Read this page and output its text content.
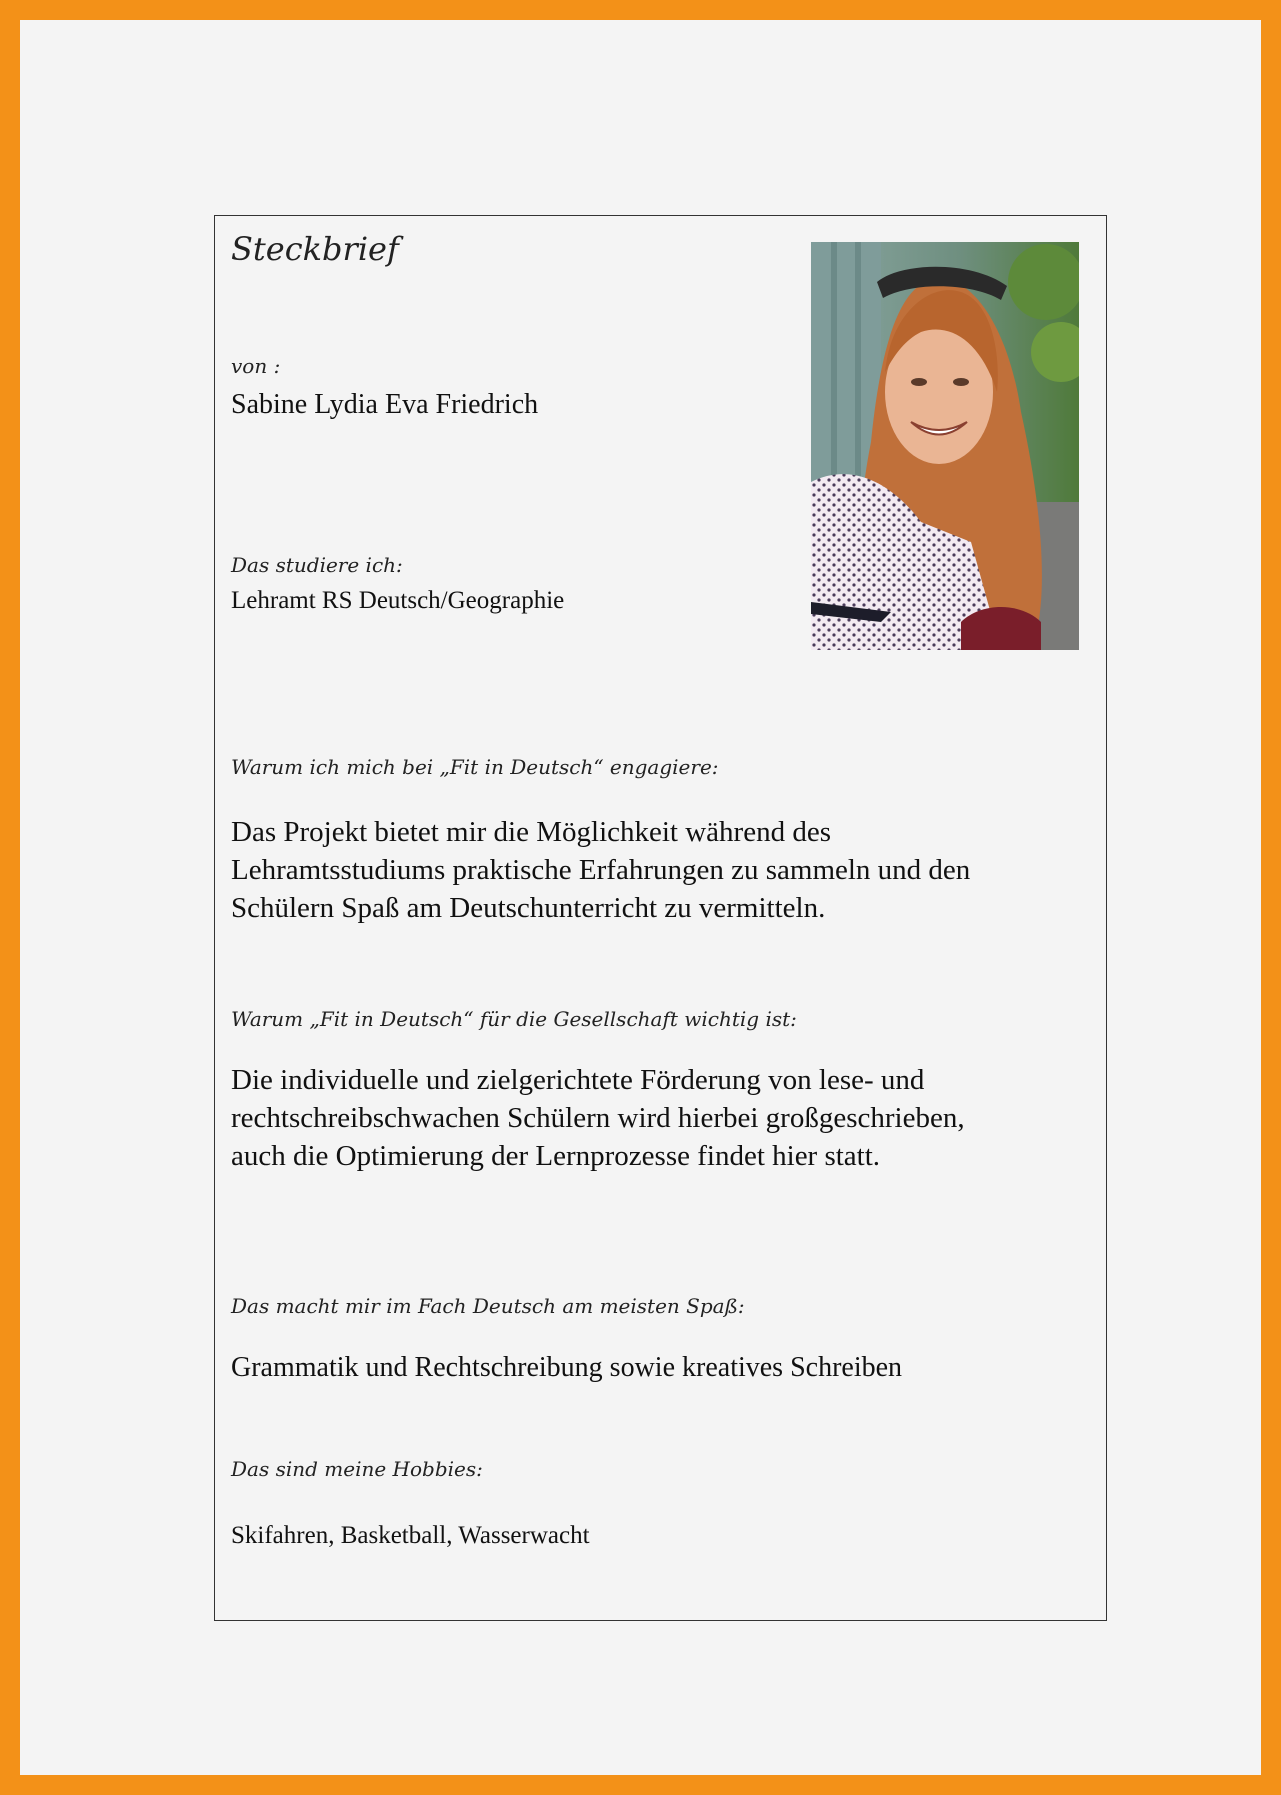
Steckbrief
von :
Sabine Lydia Eva Friedrich
Das studiere ich:
Lehramt RS Deutsch/Geographie
Warum ich mich bei „Fit in Deutsch“ engagiere:
Das Projekt bietet mir die Möglichkeit während des
Lehramtsstudiums praktische Erfahrungen zu sammeln und den
Schülern Spaß am Deutschunterricht zu vermitteln.
Warum „Fit in Deutsch“ für die Gesellschaft wichtig ist:
Die individuelle und zielgerichtete Förderung von lese- und
rechtschreibschwachen Schülern wird hierbei großgeschrieben,
auch die Optimierung der Lernprozesse findet hier statt.
Das macht mir im Fach Deutsch am meisten Spaß:
Grammatik und Rechtschreibung sowie kreatives Schreiben
Das sind meine Hobbies:
Skifahren, Basketball, Wasserwacht
